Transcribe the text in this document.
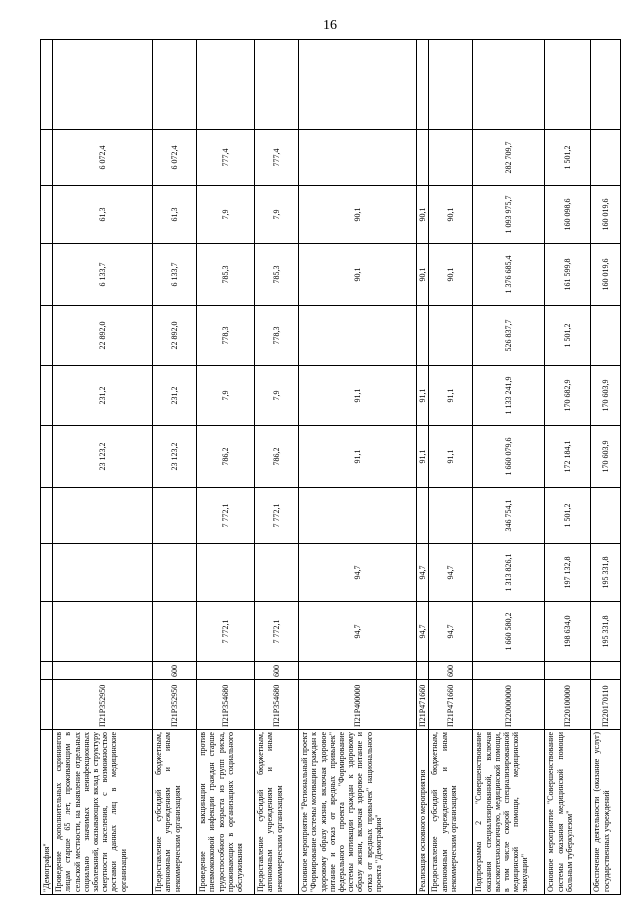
16
"Демография"												
Проведение дополнительных скринингов лицам старше 65 лет, проживающим в сельской местности, на выявление отдельных социально значимых неинфекционных заболеваний, оказывающих вклад в структуру смертности населения, с возможностью доставки данных лиц в медицинские организации	П21Р352950					23 123,2	231,2	22 892,0	6 133,7	61,3	6 072,4	
Предоставление субсидий бюджетным, автономным учреждениям и иным некоммерческим организациям	П21Р352950	600				23 123,2	231,2	22 892,0	6 133,7	61,3	6 072,4	
Проведение вакцинации против пневмококковой инфекции граждан старше трудоспособного возраста из групп риска, проживающих в организациях социального обслуживания	П21Р354680		7 772,1		7 772,1	786,2	7,9	778,3	785,3	7,9	777,4	
Предоставление субсидий бюджетным, автономным учреждениям и иным некоммерческим организациям	П21Р354680	600	7 772,1		7 772,1	786,2	7,9	778,3	785,3	7,9	777,4	
Основное мероприятие "Региональный проект "Формирование системы мотивации граждан к здоровому образу жизни, включая здоровое питание и отказ от вредных привычек" федерального проекта "Формирование системы мотивации граждан к здоровому образу жизни, включая здоровое питание и отказ от вредных привычек" национального проекта "Демография"	П21Р400000		94,7	94,7		91,1	91,1		90,1	90,1		
Реализация основного мероприятия	П21Р471660		94,7	94,7		91,1	91,1		90,1	90,1		
Предоставление субсидий бюджетным, автономным учреждениям и иным некоммерческим организациям	П21Р471660	600	94,7	94,7		91,1	91,1		90,1	90,1		
Подпрограмма 2 "Совершенствование оказания специализированной, включая высокотехнологичную, медицинской помощи, в том числе скорой специализированной медицинской помощи, медицинской эвакуации"	П220000000		1 660 580,2	1 313 826,1	346 754,1	1 660 079,6	1 133 241,9	526 837,7	1 376 685,4	1 093 975,7	282 709,7	
Основное мероприятие "Совершенствование системы оказания медицинской помощи больным туберкулезом"	П220100000		198 634,0	197 132,8	1 501,2	172 184,1	170 682,9	1 501,2	161 599,8	160 098,6	1 501,2	
Обеспечение деятельности (оказание услуг) государственных учреждений	П220170110		195 331,8	195 331,8		170 603,9	170 603,9		160 019,6	160 019,6		
